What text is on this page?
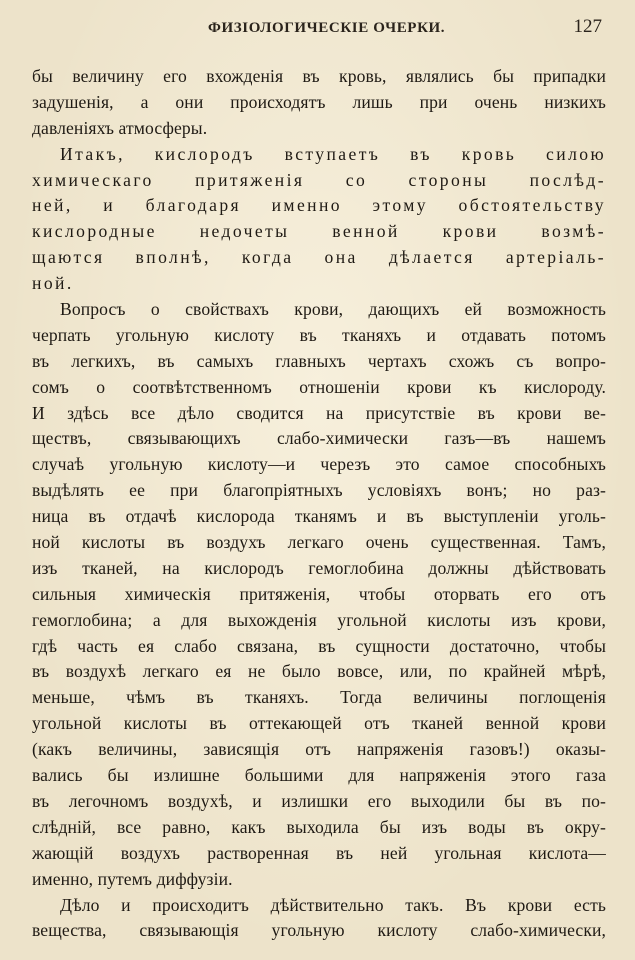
ФИЗІОЛОГИЧЕСКІЕ ОЧЕРКИ.	127
бы величину его вхожденія въ кровь, являлись бы припадки
задушенія, а они происходятъ лишь при очень низкихъ
давленіяхъ атмосферы.
Итакъ, кислородъ вступаетъ въ кровь силою
химическаго притяженія со стороны послѣд-
ней, и благодаря именно этому обстоятельству
кислородные недочеты венной крови возмѣ-
щаются вполнѣ, когда она дѣлается артеріаль-
ной.
Вопросъ о свойствахъ крови, дающихъ ей возможность
черпать угольную кислоту въ тканяхъ и отдавать потомъ
въ легкихъ, въ самыхъ главныхъ чертахъ схожъ съ вопро-
сомъ о соотвѣтственномъ отношеніи крови къ кислороду.
И здѣсь все дѣло сводится на присутствіе въ крови ве-
ществъ, связывающихъ слабо-химически газъ—въ нашемъ
случаѣ угольную кислоту—и черезъ это самое способныхъ
выдѣлять ее при благопріятныхъ условіяхъ вонъ; но раз-
ница въ отдачѣ кислорода тканямъ и въ выступленіи уголь-
ной кислоты въ воздухъ легкаго очень существенная. Тамъ,
изъ тканей, на кислородъ гемоглобина должны дѣйствовать
сильныя химическія притяженія, чтобы оторвать его отъ
гемоглобина; а для выхожденія угольной кислоты изъ крови,
гдѣ часть ея слабо связана, въ сущности достаточно, чтобы
въ воздухѣ легкаго ея не было вовсе, или, по крайней мѣрѣ,
меньше, чѣмъ въ тканяхъ. Тогда величины поглощенія
угольной кислоты въ оттекающей отъ тканей венной крови
(какъ величины, зависящія отъ напряженія газовъ!) оказы-
вались бы излишне большими для напряженія этого газа
въ легочномъ воздухѣ, и излишки его выходили бы въ по-
слѣдній, все равно, какъ выходила бы изъ воды въ окру-
жающій воздухъ растворенная въ ней угольная кислота—
именно, путемъ диффузіи.
Дѣло и происходитъ дѣйствительно такъ. Въ крови есть
вещества, связывающія угольную кислоту слабо-химически,
